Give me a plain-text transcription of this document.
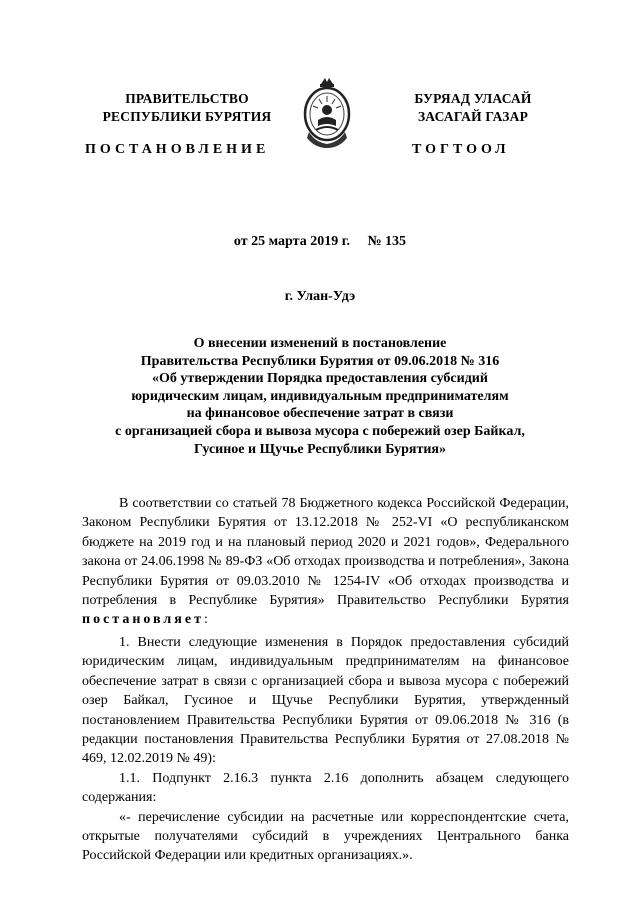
ПРАВИТЕЛЬСТВО
РЕСПУБЛИКИ БУРЯТИЯ
БУРЯАД УЛАСАЙ
ЗАСАГАЙ ГАЗАР
ПОСТАНОВЛЕНИЕ	ТОГТООЛ
от 25 марта 2019 г. № 135
г. Улан-Удэ
О внесении изменений в постановление
Правительства Республики Бурятия от 09.06.2018 № 316
«Об утверждении Порядка предоставления субсидий
юридическим лицам, индивидуальным предпринимателям
на финансовое обеспечение затрат в связи
с организацией сбора и вывоза мусора с побережий озер Байкал,
Гусиное и Щучье Республики Бурятия»

В соответствии со статьей 78 Бюджетного кодекса Российской Федерации, Законом Республики Бурятия от 13.12.2018 № 252-VI «О республиканском бюджете на 2019 год и на плановый период 2020 и 2021 годов», Федерального закона от 24.06.1998 № 89-ФЗ «Об отходах производства и потребления», Закона Республики Бурятия от 09.03.2010 № 1254-IV «Об отходах производства и потребления в Республике Бурятия» Правительство Республики Бурятия постановляет:

1. Внести следующие изменения в Порядок предоставления субсидий юридическим лицам, индивидуальным предпринимателям на финансовое обеспечение затрат в связи с организацией сбора и вывоза мусора с побережий озер Байкал, Гусиное и Щучье Республики Бурятия, утвержденный постановлением Правительства Республики Бурятия от 09.06.2018 № 316 (в редакции постановления Правительства Республики Бурятия от 27.08.2018 № 469, 12.02.2019 № 49):

1.1. Подпункт 2.16.3 пункта 2.16 дополнить абзацем следующего содержания:

«- перечисление субсидии на расчетные или корреспондентские счета, открытые получателями субсидий в учреждениях Центрального банка Российской Федерации или кредитных организациях.».
